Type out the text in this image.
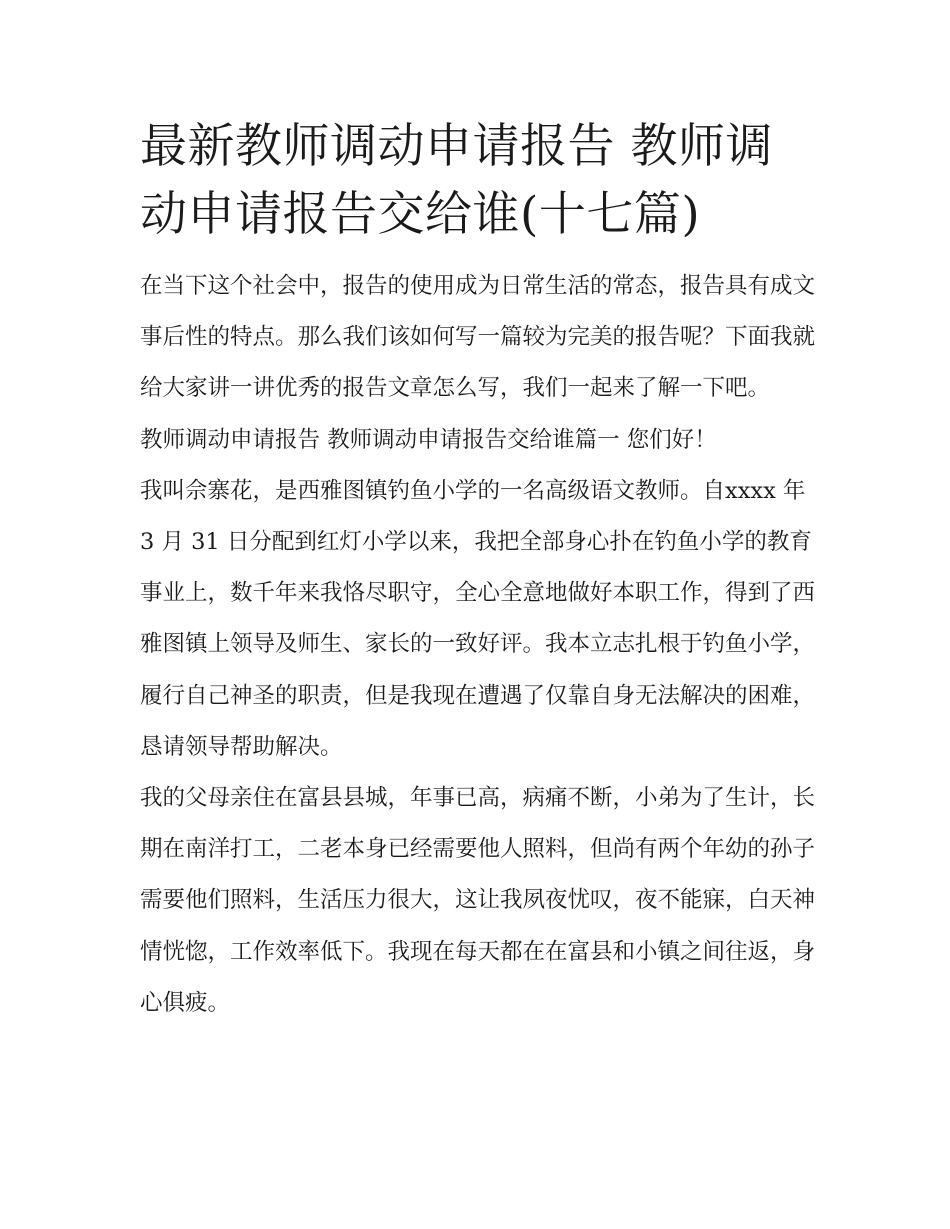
最新教师调动申请报告 教师调动申请报告交给谁(十七篇)

在当下这个社会中，报告的使用成为日常生活的常态，报告具有成文事后性的特点。那么我们该如何写一篇较为完美的报告呢？下面我就给大家讲一讲优秀的报告文章怎么写，我们一起来了解一下吧。

教师调动申请报告 教师调动申请报告交给谁篇一 您们好！

我叫佘寨花，是西雅图镇钓鱼小学的一名高级语文教师。自xxxx 年 3 月 31 日分配到红灯小学以来，我把全部身心扑在钓鱼小学的教育事业上，数千年来我恪尽职守，全心全意地做好本职工作，得到了西雅图镇上领导及师生、家长的一致好评。我本立志扎根于钓鱼小学，履行自己神圣的职责，但是我现在遭遇了仅靠自身无法解决的困难，恳请领导帮助解决。

我的父母亲住在富县县城，年事已高，病痛不断，小弟为了生计，长期在南洋打工，二老本身已经需要他人照料，但尚有两个年幼的孙子需要他们照料，生活压力很大，这让我夙夜忧叹，夜不能寐，白天神情恍惚，工作效率低下。我现在每天都在在富县和小镇之间往返，身心俱疲。
